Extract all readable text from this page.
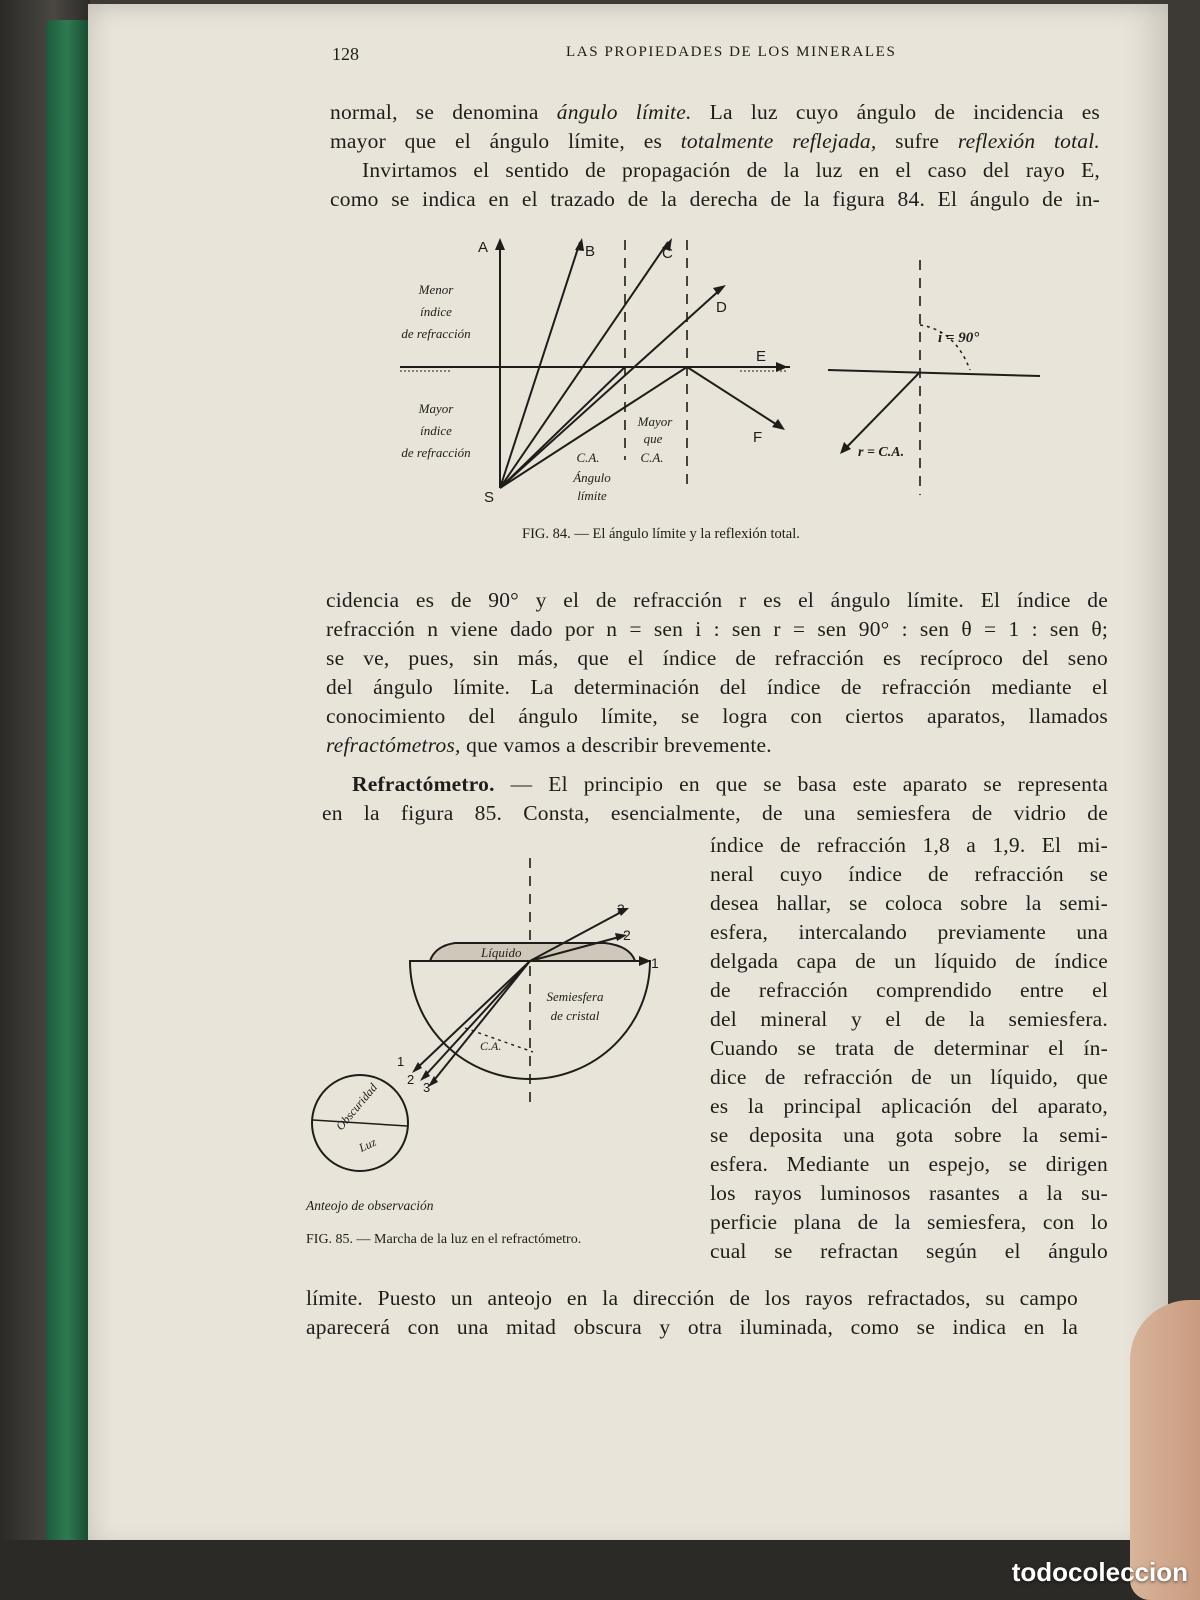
128	LAS PROPIEDADES DE LOS MINERALES
normal, se denomina ángulo límite. La luz cuyo ángulo de incidencia es
mayor que el ángulo límite, es totalmente reflejada, sufre reflexión total.
Invirtamos el sentido de propagación de la luz en el caso del rayo E,
como se indica en el trazado de la derecha de la figura 84. El ángulo de in-
A	B	C
D
E
F
S
Menor
índice
de refracción
Mayor
índice
de refracción	C.A.
Ángulo
límite
Mayor
que
C.A.
i = 90°
r = C.A.
FIG. 84. — El ángulo límite y la reflexión total.
cidencia es de 90° y el de refracción r es el ángulo límite. El índice de
refracción n viene dado por n = sen i : sen r = sen 90° : sen θ = 1 : sen θ;
se ve, pues, sin más, que el índice de refracción es recíproco del seno
del ángulo límite. La determinación del índice de refracción mediante el
conocimiento del ángulo límite, se logra con ciertos aparatos, llamados
refractómetros, que vamos a describir brevemente.
Refractómetro. — El principio en que se basa este aparato se representa
en la figura 85. Consta, esencialmente, de una semiesfera de vidrio de
índice de refracción 1,8 a 1,9. El mi-
neral cuyo índice de refracción se
desea hallar, se coloca sobre la semi-
esfera, intercalando previamente una
delgada capa de un líquido de índice
de refracción comprendido entre el
del mineral y el de la semiesfera.
Cuando se trata de determinar el ín-
dice de refracción de un líquido, que
es la principal aplicación del aparato,
se deposita una gota sobre la semi-
esfera. Mediante un espejo, se dirigen
los rayos luminosos rasantes a la su-
perficie plana de la semiesfera, con lo
cual se refractan según el ángulo
Líquido
Semiesfera
de cristal
C.A.
3
2
1
1
2
3
Obscuridad
Luz
Anteojo de observación
FIG. 85. — Marcha de la luz en el refractómetro.
límite. Puesto un anteojo en la dirección de los rayos refractados, su campo
aparecerá con una mitad obscura y otra iluminada, como se indica en la
todocoleccion
